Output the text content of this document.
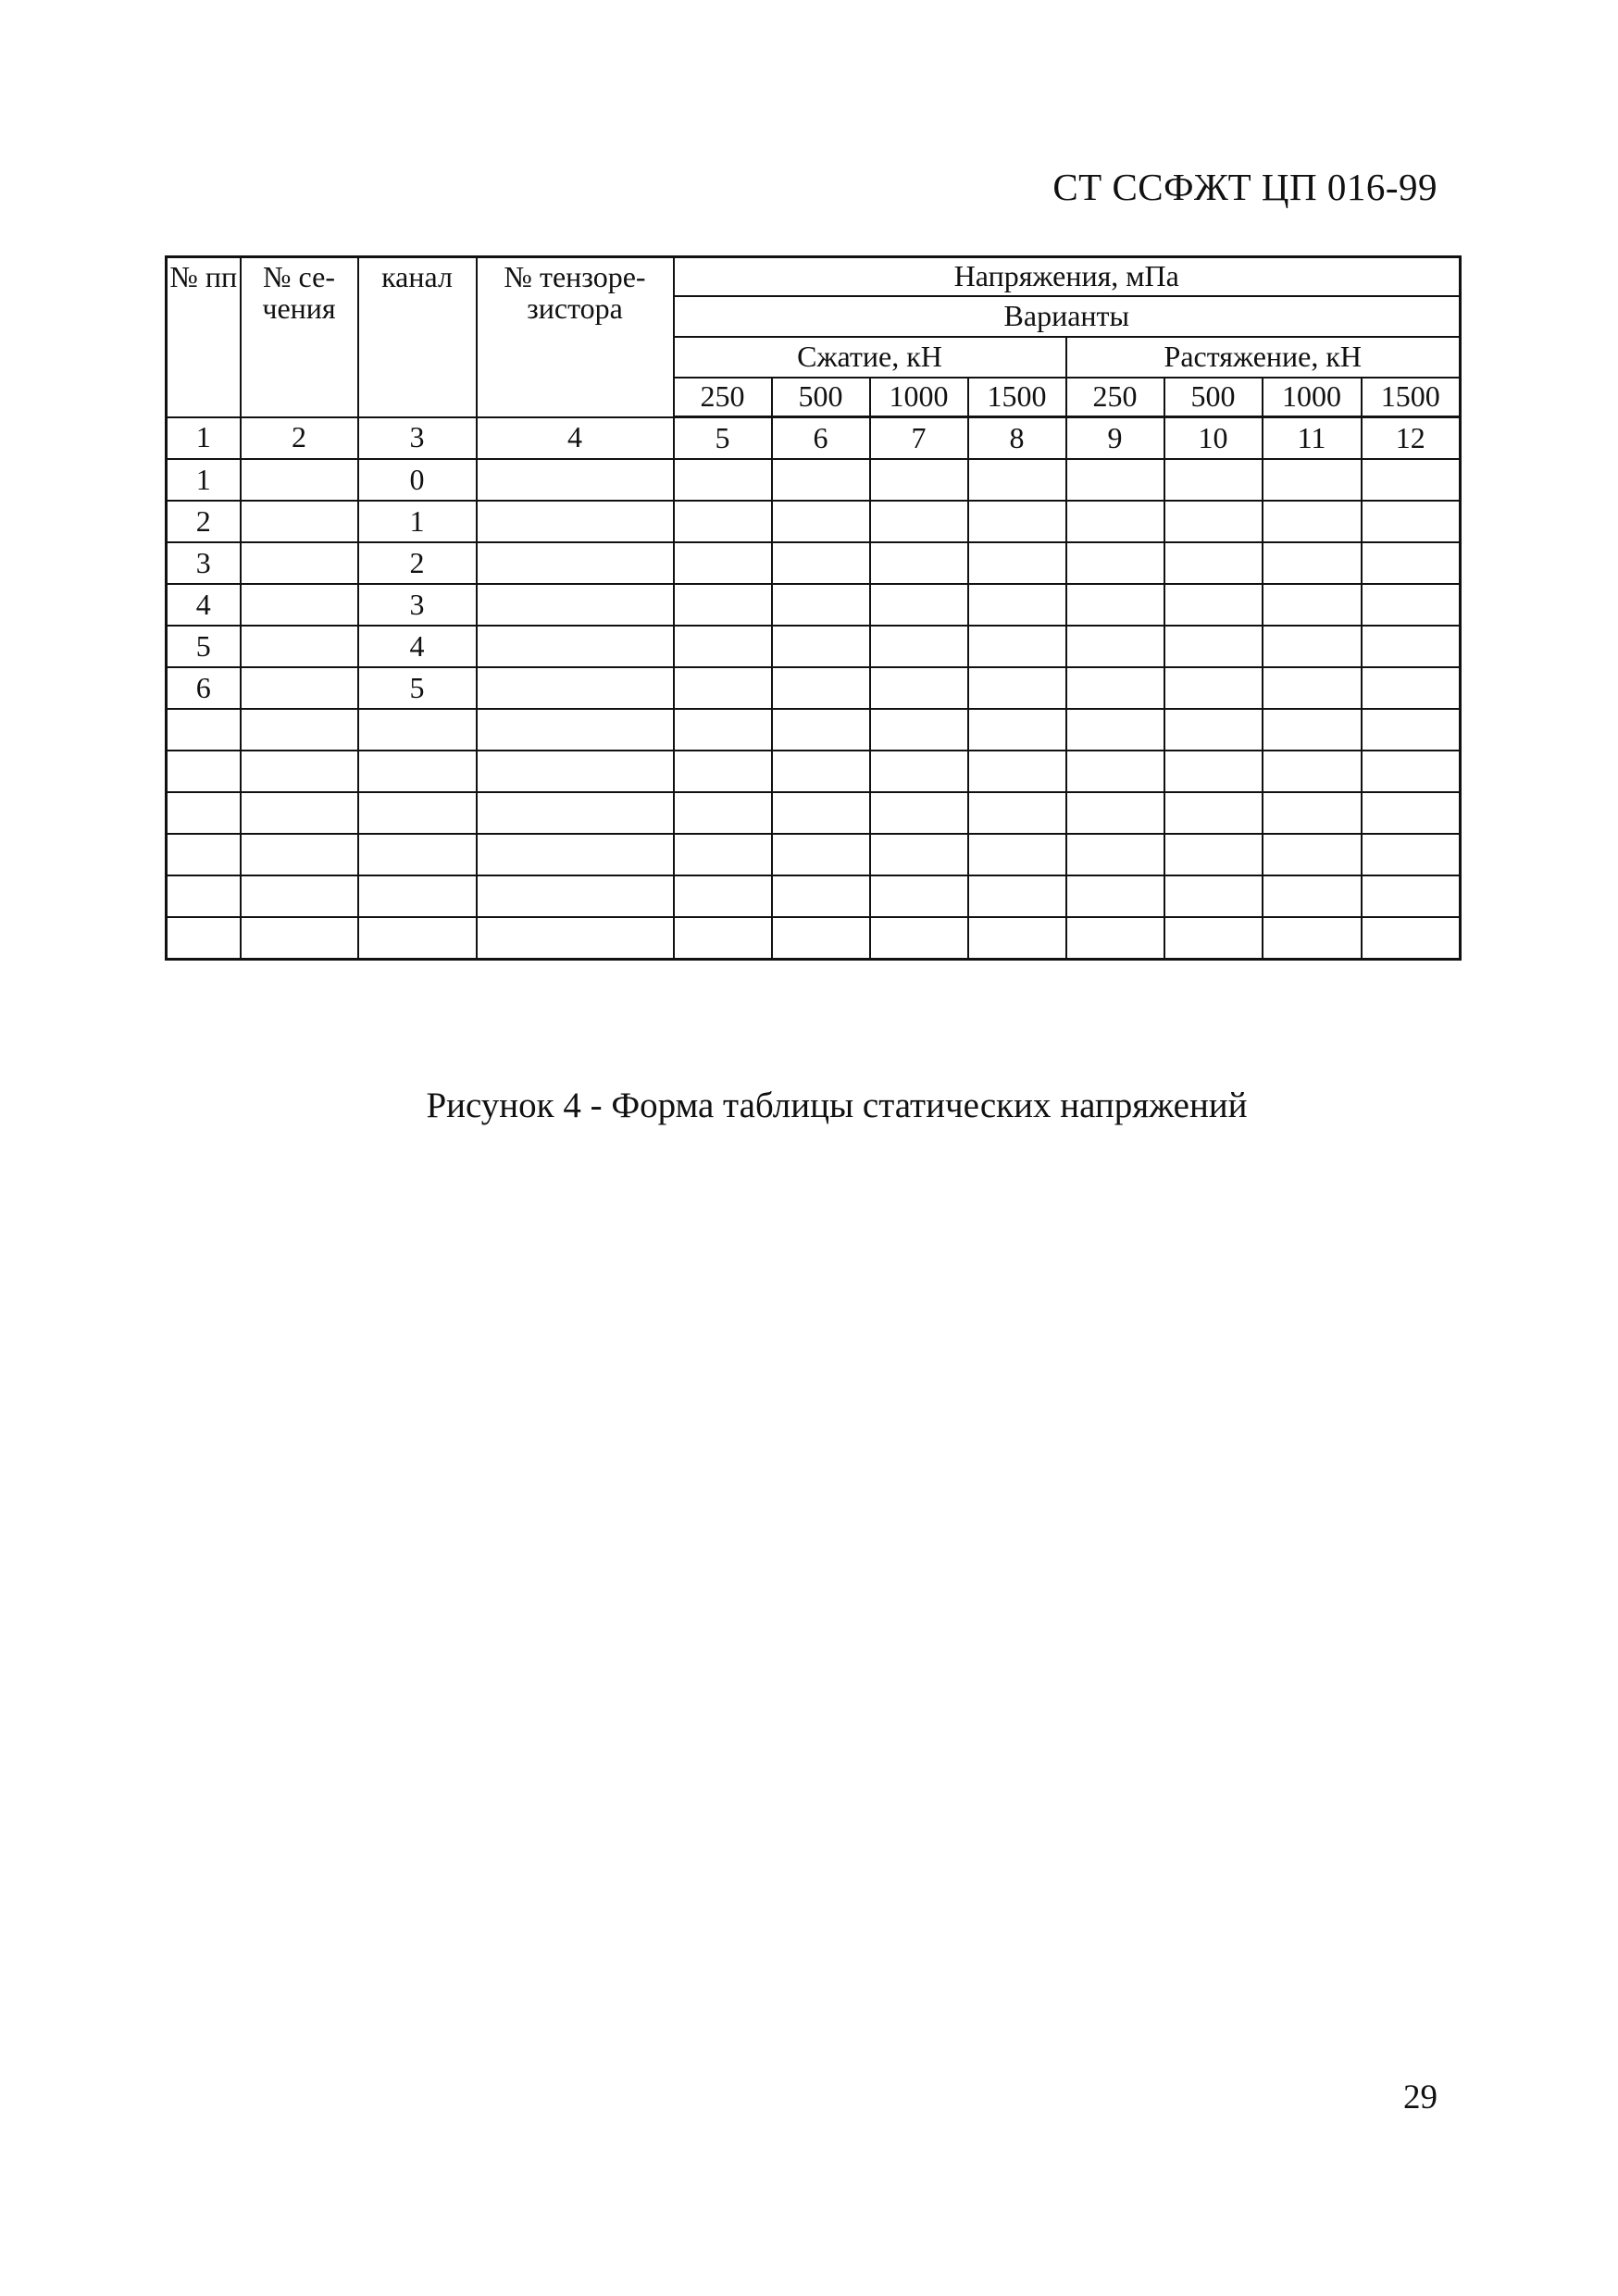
СТ ССФЖТ ЦП 016-99
№ пп	№ се-чения	канал	№ тензоре-зистора	Напряжения, мПа							
				Варианты							
				Сжатие, кН				Растяжение, кН			
				250	500	1000	1500	250	500	1000	1500
1	2	3	4	5	6	7	8	9	10	11	12
1		0									
2		1									
3		2									
4		3									
5		4									
6		5									

Рисунок 4 - Форма таблицы статических напряжений
29
